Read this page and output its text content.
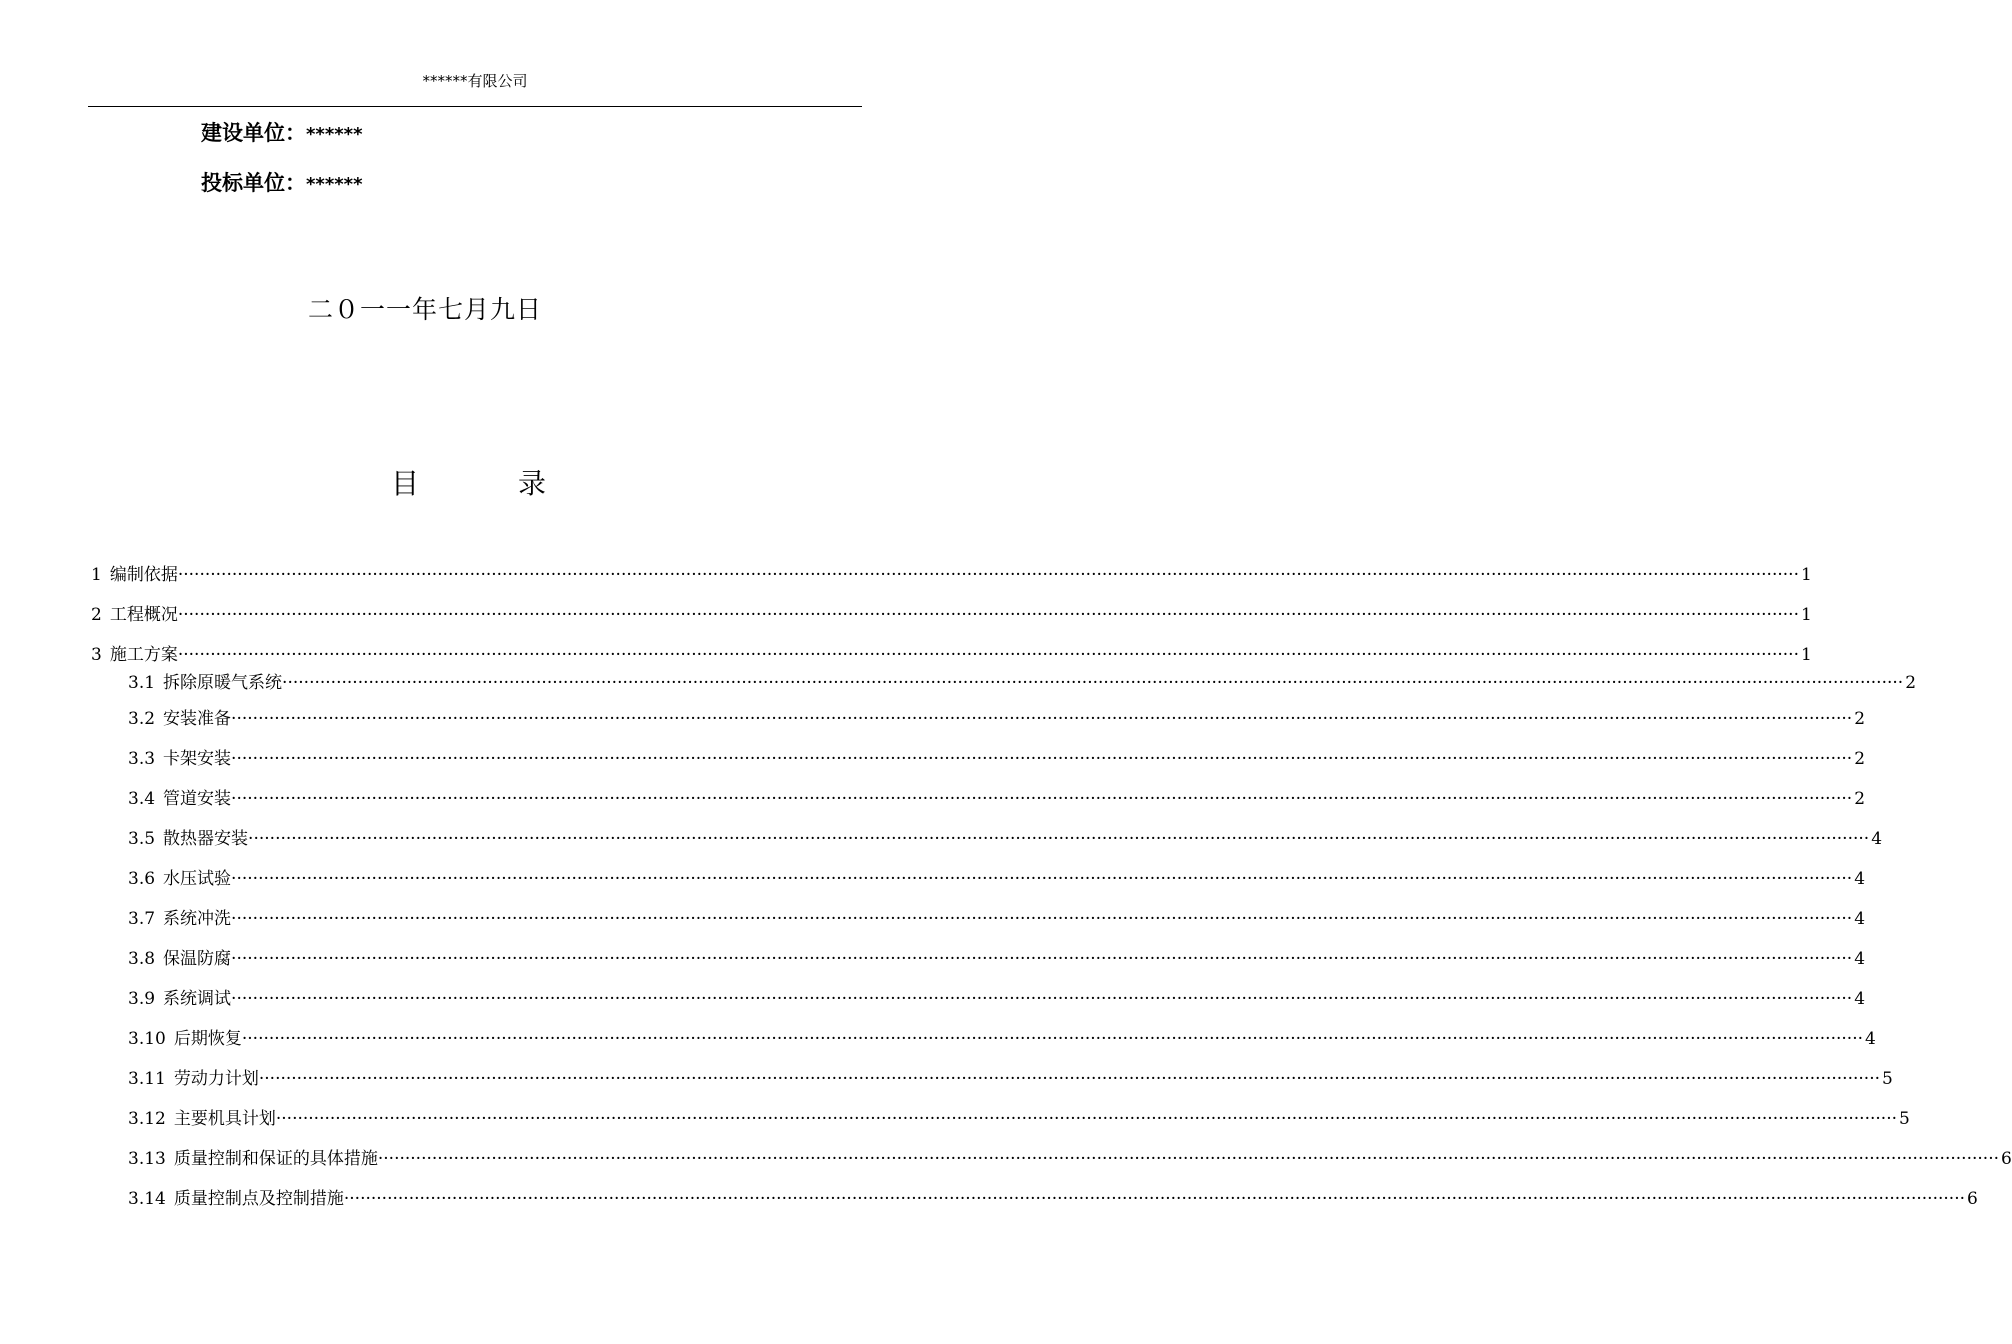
******有限公司
建设单位：******
投标单位：******
二０一一年七月九日
目	录
1 编制依据 ············································································································································································································································································································ 1
2 工程概况 ············································································································································································································································································································ 1
3 施工方案 ············································································································································································································································································································ 1
3.1 拆除原暖气系统 ············································································································································································································································································································ 2
3.2 安装准备 ············································································································································································································································································································ 2
3.3 卡架安装 ············································································································································································································································································································ 2
3.4 管道安装 ············································································································································································································································································································ 2
3.5 散热器安装 ············································································································································································································································································································ 4
3.6 水压试验 ············································································································································································································································································································ 4
3.7 系统冲洗 ············································································································································································································································································································ 4
3.8 保温防腐 ············································································································································································································································································································ 4
3.9 系统调试 ············································································································································································································································································································ 4
3.10 后期恢复 ············································································································································································································································································································ 4
3.11 劳动力计划 ············································································································································································································································································································ 5
3.12 主要机具计划 ············································································································································································································································································································ 5
3.13 质量控制和保证的具体措施 ············································································································································································································································································································ 6
3.14 质量控制点及控制措施 ············································································································································································································································································································ 6
